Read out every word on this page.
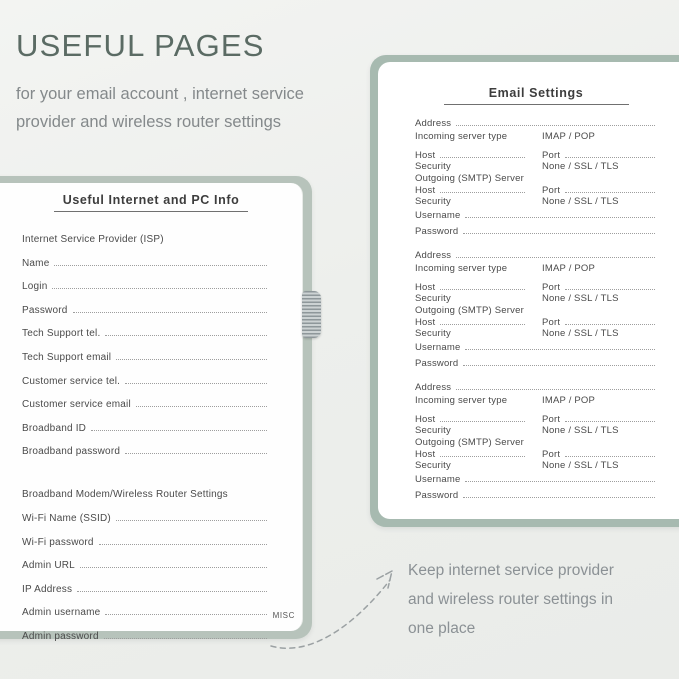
USEFUL PAGES

for your email account , internet service
provider and wireless router settings

Useful Internet and PC Info
Internet Service Provider (ISP)
Name
Login
Password
Tech Support tel.
Tech Support email
Customer service tel.
Customer service email
Broadband ID
Broadband password
Broadband Modem/Wireless Router Settings
Wi-Fi Name (SSID)
Wi-Fi password
Admin URL
IP Address
Admin username
Admin password
MISC
Email Settings
Address
Incoming server type	IMAP / POP
Host	Port
Security	None / SSL / TLS
Outgoing (SMTP) Server
Host	Port
Security	None / SSL / TLS
Username
Password
Address
Incoming server type	IMAP / POP
Host	Port
Security	None / SSL / TLS
Outgoing (SMTP) Server
Host	Port
Security	None / SSL / TLS
Username
Password
Address
Incoming server type	IMAP / POP
Host	Port
Security	None / SSL / TLS
Outgoing (SMTP) Server
Host	Port
Security	None / SSL / TLS
Username
Password
Keep internet service provider
and wireless router settings in
one place
